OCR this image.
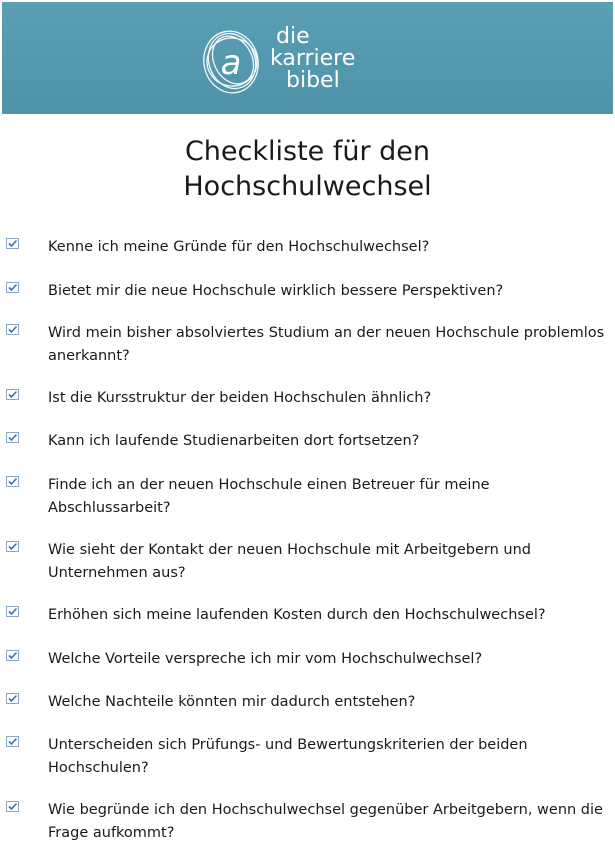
a
die
karriere
bibel
Checkliste für den
Hochschulwechsel
Kenne ich meine Gründe für den Hochschulwechsel?
Bietet mir die neue Hochschule wirklich bessere Perspektiven?
Wird mein bisher absolviertes Studium an der neuen Hochschule problemlos anerkannt?
Ist die Kursstruktur der beiden Hochschulen ähnlich?
Kann ich laufende Studienarbeiten dort fortsetzen?
Finde ich an der neuen Hochschule einen Betreuer für meine Abschlussarbeit?
Wie sieht der Kontakt der neuen Hochschule mit Arbeitgebern und Unternehmen aus?
Erhöhen sich meine laufenden Kosten durch den Hochschulwechsel?
Welche Vorteile verspreche ich mir vom Hochschulwechsel?
Welche Nachteile könnten mir dadurch entstehen?
Unterscheiden sich Prüfungs- und Bewertungskriterien der beiden Hochschulen?
Wie begründe ich den Hochschulwechsel gegenüber Arbeitgebern, wenn die Frage aufkommt?
